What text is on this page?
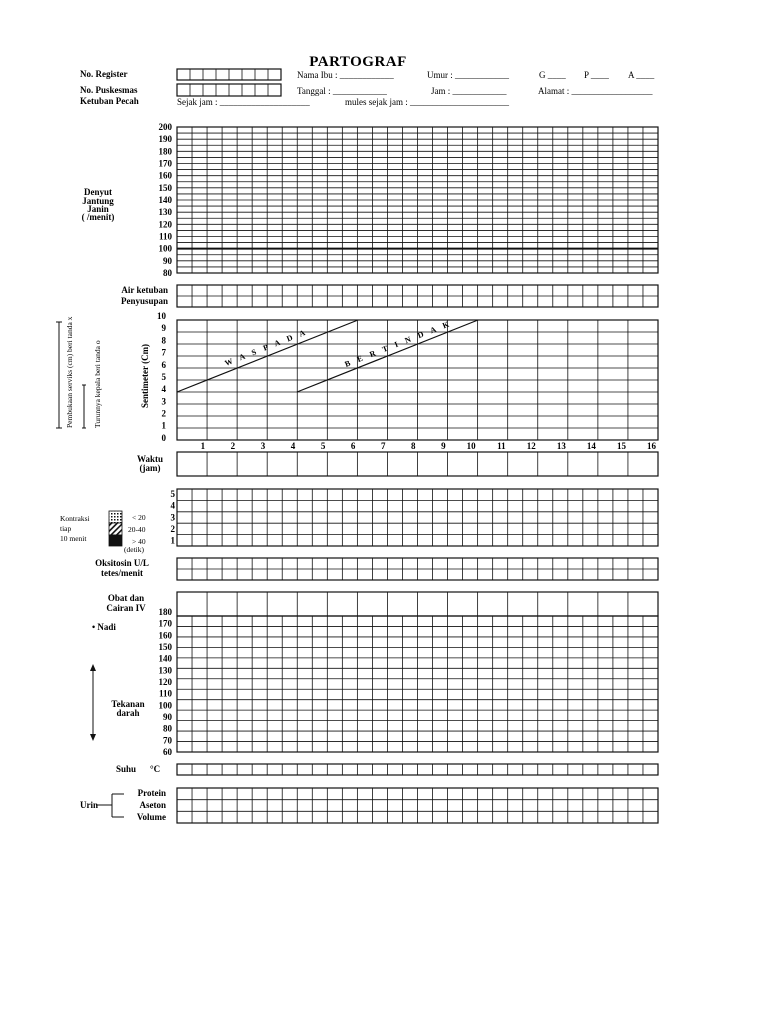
PARTOGRAF
No. Register
No. Puskesmas
Ketuban Pecah
Nama Ibu : ____________	Umur : ____________	G ____ P ____ A ____
Tanggal : ____________	Jam : ____________	Alamat : __________________
Sejak jam : ____________________	mules sejak jam : ______________________
Denyut
Jantung
Janin
( /menit)
200
190
180
170
160
150
140
130
120
110
100
90
80
Air ketuban
Penyusupan
Pembukaan serviks (cm) beri tanda x	Turunnya kepala beri tanda o	Sentimeter (Cm)
10
9
8
7
6
5
4
3
2
1
0
1	2	3	4	5	6	7	8	9 10 11 12 13 14 15 16
W A S P A D A	B E R T I N D A K
Waktu
(jam)
Kontraksi
tiap
10 menit
< 20
20-40
> 40
(detik)
5
4
3
2
1
Oksitosin U/L
tetes/menit
Obat dan
Cairan IV
• Nadi
Tekanan
darah
180
170
160
150
140
130
120
110
100
90
80
70
60
Suhu °C
Urin
Protein
Aseton
Volume
